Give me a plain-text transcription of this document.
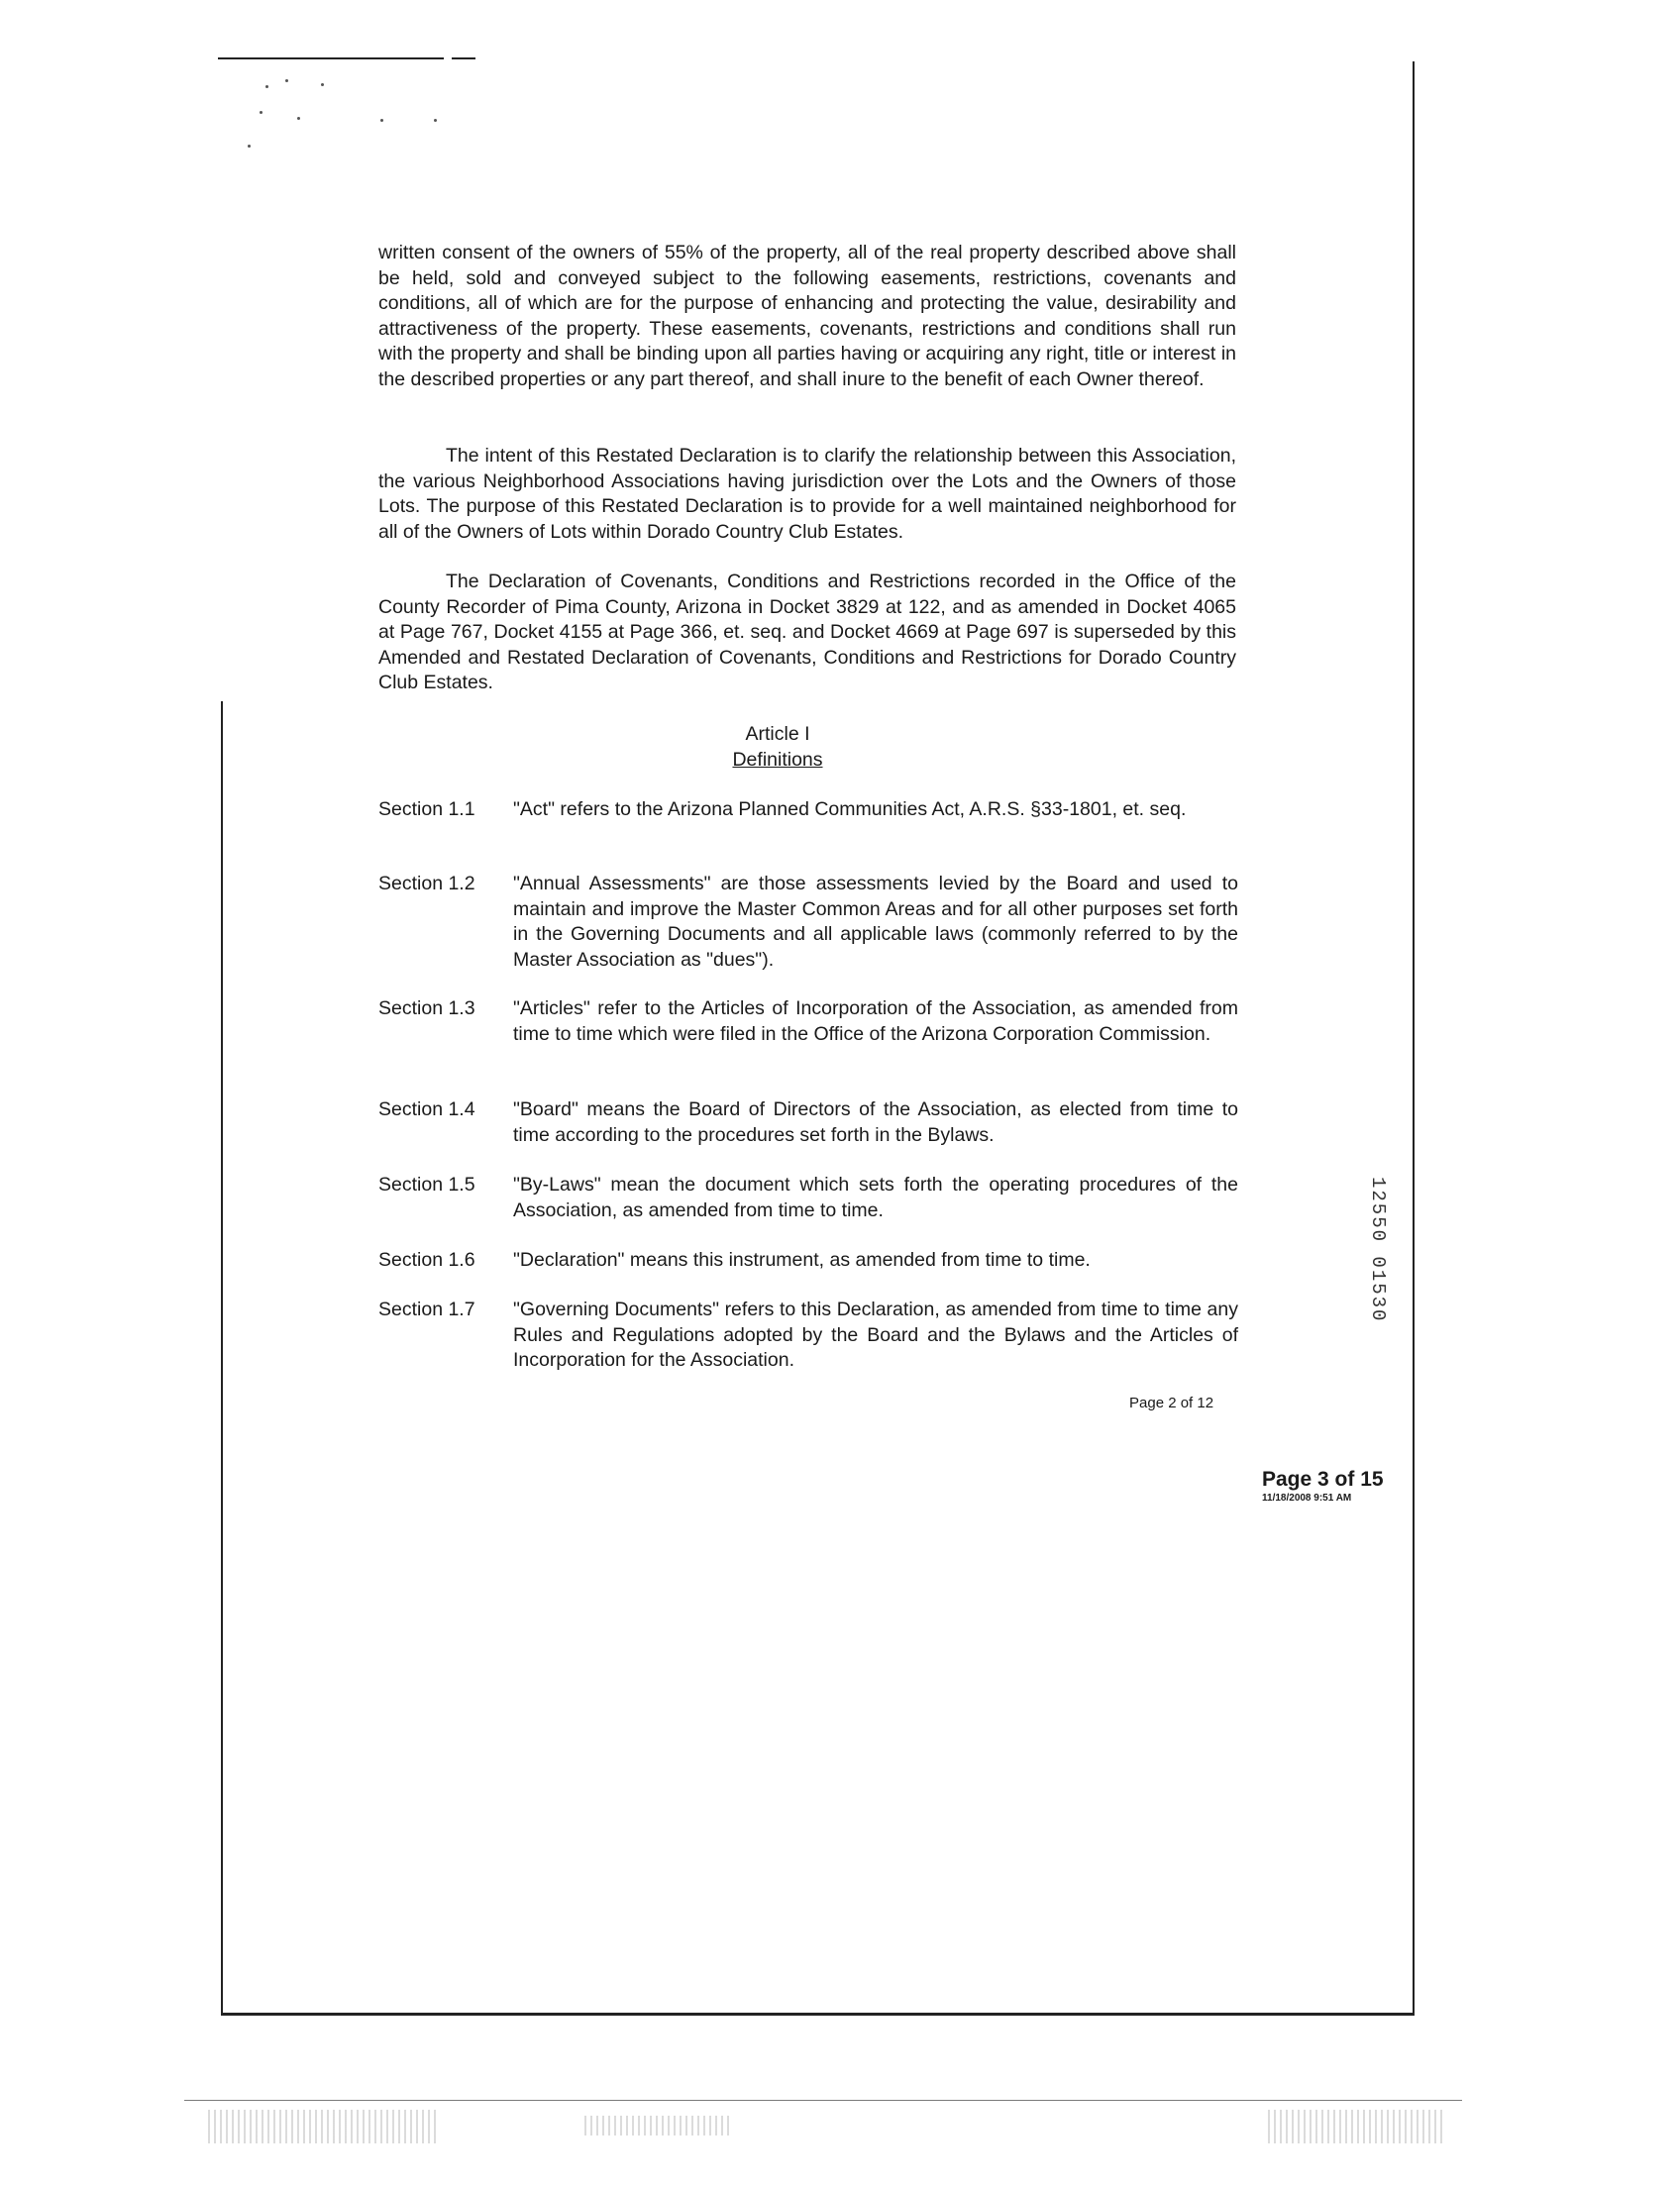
written consent of the owners of 55% of the property, all of the real property described above shall be held, sold and conveyed subject to the following easements, restrictions, covenants and conditions, all of which are for the purpose of enhancing and protecting the value, desirability and attractiveness of the property. These easements, covenants, restrictions and conditions shall run with the property and shall be binding upon all parties having or acquiring any right, title or interest in the described properties or any part thereof, and shall inure to the benefit of each Owner thereof.
The intent of this Restated Declaration is to clarify the relationship between this Association, the various Neighborhood Associations having jurisdiction over the Lots and the Owners of those Lots. The purpose of this Restated Declaration is to provide for a well maintained neighborhood for all of the Owners of Lots within Dorado Country Club Estates.
The Declaration of Covenants, Conditions and Restrictions recorded in the Office of the County Recorder of Pima County, Arizona in Docket 3829 at 122, and as amended in Docket 4065 at Page 767, Docket 4155 at Page 366, et. seq. and Docket 4669 at Page 697 is superseded by this Amended and Restated Declaration of Covenants, Conditions and Restrictions for Dorado Country Club Estates.
Article I
Definitions
Section 1.1	"Act" refers to the Arizona Planned Communities Act, A.R.S. §33-1801, et. seq.
Section 1.2	"Annual Assessments" are those assessments levied by the Board and used to maintain and improve the Master Common Areas and for all other purposes set forth in the Governing Documents and all applicable laws (commonly referred to by the Master Association as "dues").
Section 1.3	"Articles" refer to the Articles of Incorporation of the Association, as amended from time to time which were filed in the Office of the Arizona Corporation Commission.
Section 1.4	"Board" means the Board of Directors of the Association, as elected from time to time according to the procedures set forth in the Bylaws.
Section 1.5	"By-Laws" mean the document which sets forth the operating procedures of the Association, as amended from time to time.
Section 1.6	"Declaration" means this instrument, as amended from time to time.
Section 1.7	"Governing Documents" refers to this Declaration, as amended from time to time any Rules and Regulations adopted by the Board and the Bylaws and the Articles of Incorporation for the Association.
Page 2 of 12
Page 3 of 15
11/18/2008 9:51 AM
12550 01530
